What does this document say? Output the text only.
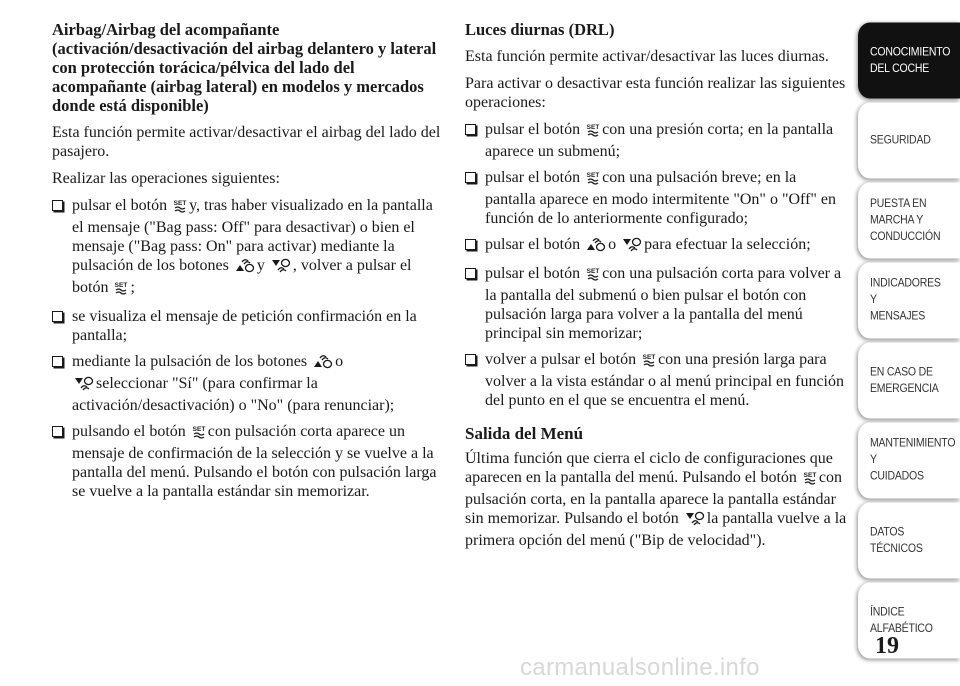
Airbag/Airbag del acompañante
(activación/desactivación del airbag delantero y lateral con protección torácica/pélvica del lado del acompañante (airbag lateral) en modelos y mercados donde está disponible)

Esta función permite activar/desactivar el airbag del lado del pasajero.

Realizar las operaciones siguientes:

pulsar el botón SET y, tras haber visualizado en la pantalla el mensaje ("Bag pass: Off" para desactivar) o bien el mensaje ("Bag pass: On" para activar) mediante la pulsación de los botones y , volver a pulsar el botón SET ;
se visualiza el mensaje de petición confirmación en la pantalla;
mediante la pulsación de los botones o
seleccionar "Sí" (para confirmar la activación/desactivación) o "No" (para renunciar);
pulsando el botón SET con pulsación corta aparece un mensaje de confirmación de la selección y se vuelve a la pantalla del menú. Pulsando el botón con pulsación larga se vuelve a la pantalla estándar sin memorizar.
Luces diurnas (DRL)

Esta función permite activar/desactivar las luces diurnas.

Para activar o desactivar esta función realizar las siguientes operaciones:

pulsar el botón SET con una presión corta; en la pantalla aparece un submenú;
pulsar el botón SET con una pulsación breve; en la pantalla aparece en modo intermitente "On" o "Off" en función de lo anteriormente configurado;
pulsar el botón o para efectuar la selección;
pulsar el botón SET con una pulsación corta para volver a la pantalla del submenú o bien pulsar el botón con pulsación larga para volver a la pantalla del menú principal sin memorizar;
volver a pulsar el botón SET con una presión larga para volver a la vista estándar o al menú principal en función del punto en el que se encuentra el menú.
Salida del Menú

Última función que cierra el ciclo de configuraciones que aparecen en la pantalla del menú. Pulsando el botón SET con pulsación corta, en la pantalla aparece la pantalla estándar sin memorizar. Pulsando el botón la pantalla vuelve a la primera opción del menú ("Bip de velocidad").

CONOCIMIENTO
DEL COCHE
SEGURIDAD
PUESTA EN
MARCHA Y
CONDUCCIÓN
INDICADORES Y
MENSAJES
EN CASO DE
EMERGENCIA
MANTENIMIENTO Y
CUIDADOS
DATOS TÉCNICOS
ÍNDICE
ALFABÉTICO
19
carmanualsonline.info
